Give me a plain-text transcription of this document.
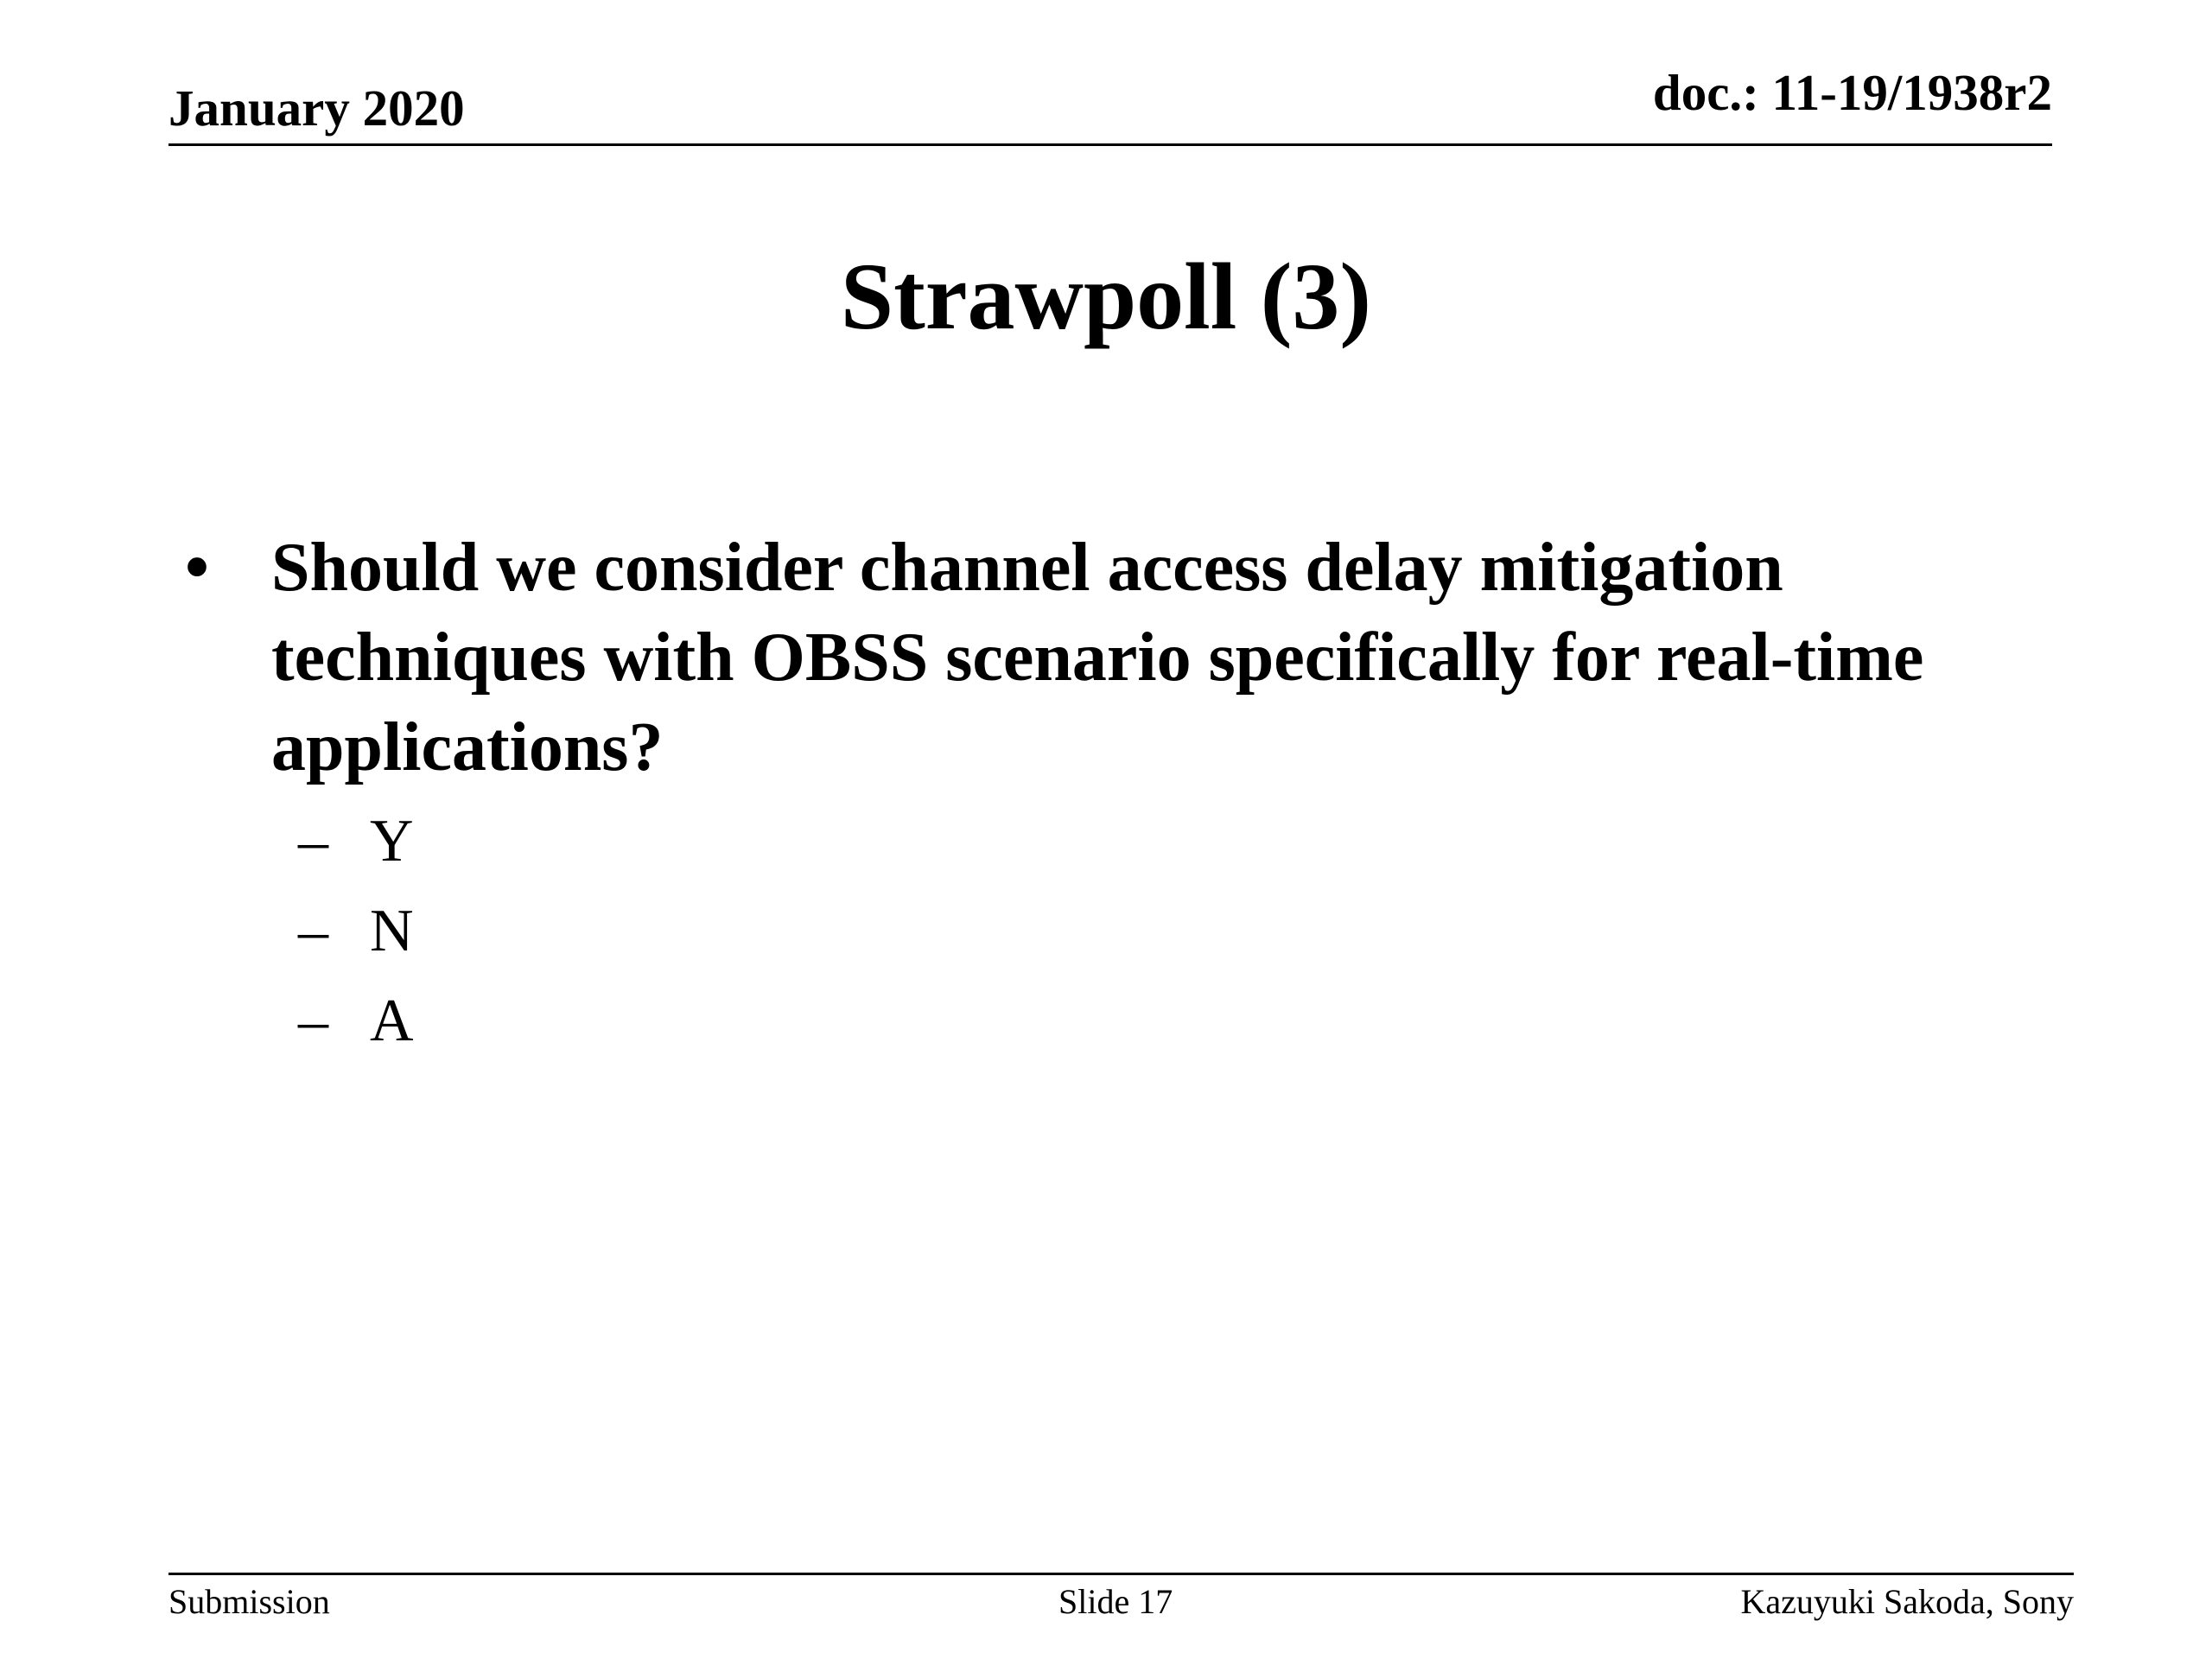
January 2020	doc.: 11-19/1938r2
Strawpoll (3)
• Should we consider channel access delay mitigation techniques with OBSS scenario specifically for real-time applications?
– Y
– N
– A
Submission	Slide 17	Kazuyuki Sakoda, Sony
